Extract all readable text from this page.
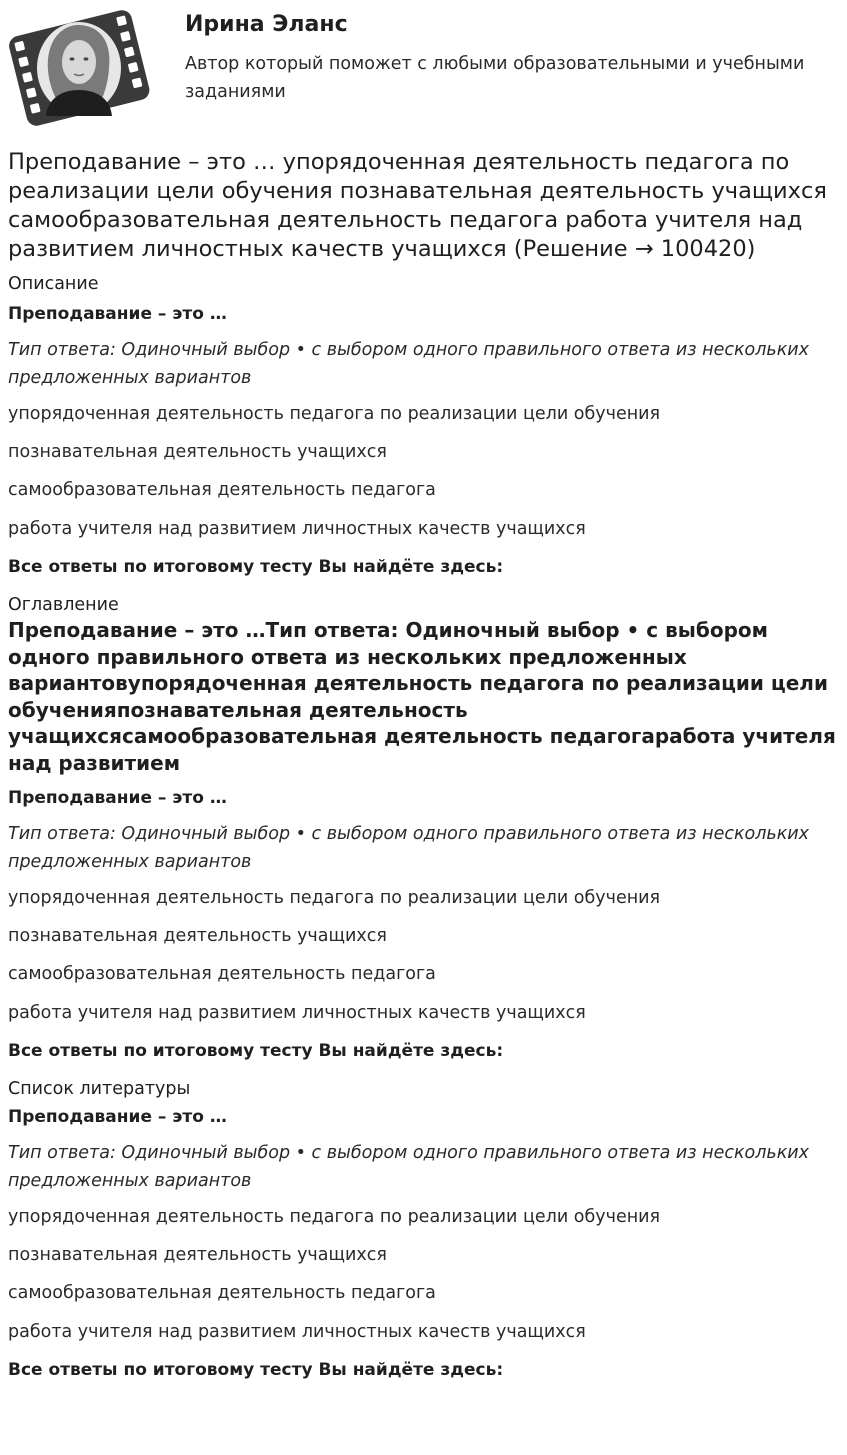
Ирина Эланс
Автор который поможет с любыми образовательными и учебными заданиями
Преподавание – это … упорядоченная деятельность педагога по реализации цели обучения познавательная деятельность учащихся самообразовательная деятельность педагога работа учителя над развитием личностных качеств учащихся (Решение → 100420)
Описание
Преподавание – это …
Тип ответа: Одиночный выбор • с выбором одного правильного ответа из нескольких предложенных вариантов
упорядоченная деятельность педагога по реализации цели обучения
познавательная деятельность учащихся
самообразовательная деятельность педагога
работа учителя над развитием личностных качеств учащихся
Все ответы по итоговому тесту Вы найдёте здесь:
Оглавление
Преподавание – это …Тип ответа: Одиночный выбор • с выбором одного правильного ответа из нескольких предложенных вариантовупорядоченная деятельность педагога по реализации цели обученияпознавательная деятельность учащихсясамообразовательная деятельность педагогаработа учителя над развитием
Преподавание – это …
Тип ответа: Одиночный выбор • с выбором одного правильного ответа из нескольких предложенных вариантов
упорядоченная деятельность педагога по реализации цели обучения
познавательная деятельность учащихся
самообразовательная деятельность педагога
работа учителя над развитием личностных качеств учащихся
Все ответы по итоговому тесту Вы найдёте здесь:
Список литературы
Преподавание – это …
Тип ответа: Одиночный выбор • с выбором одного правильного ответа из нескольких предложенных вариантов
упорядоченная деятельность педагога по реализации цели обучения
познавательная деятельность учащихся
самообразовательная деятельность педагога
работа учителя над развитием личностных качеств учащихся
Все ответы по итоговому тесту Вы найдёте здесь:
